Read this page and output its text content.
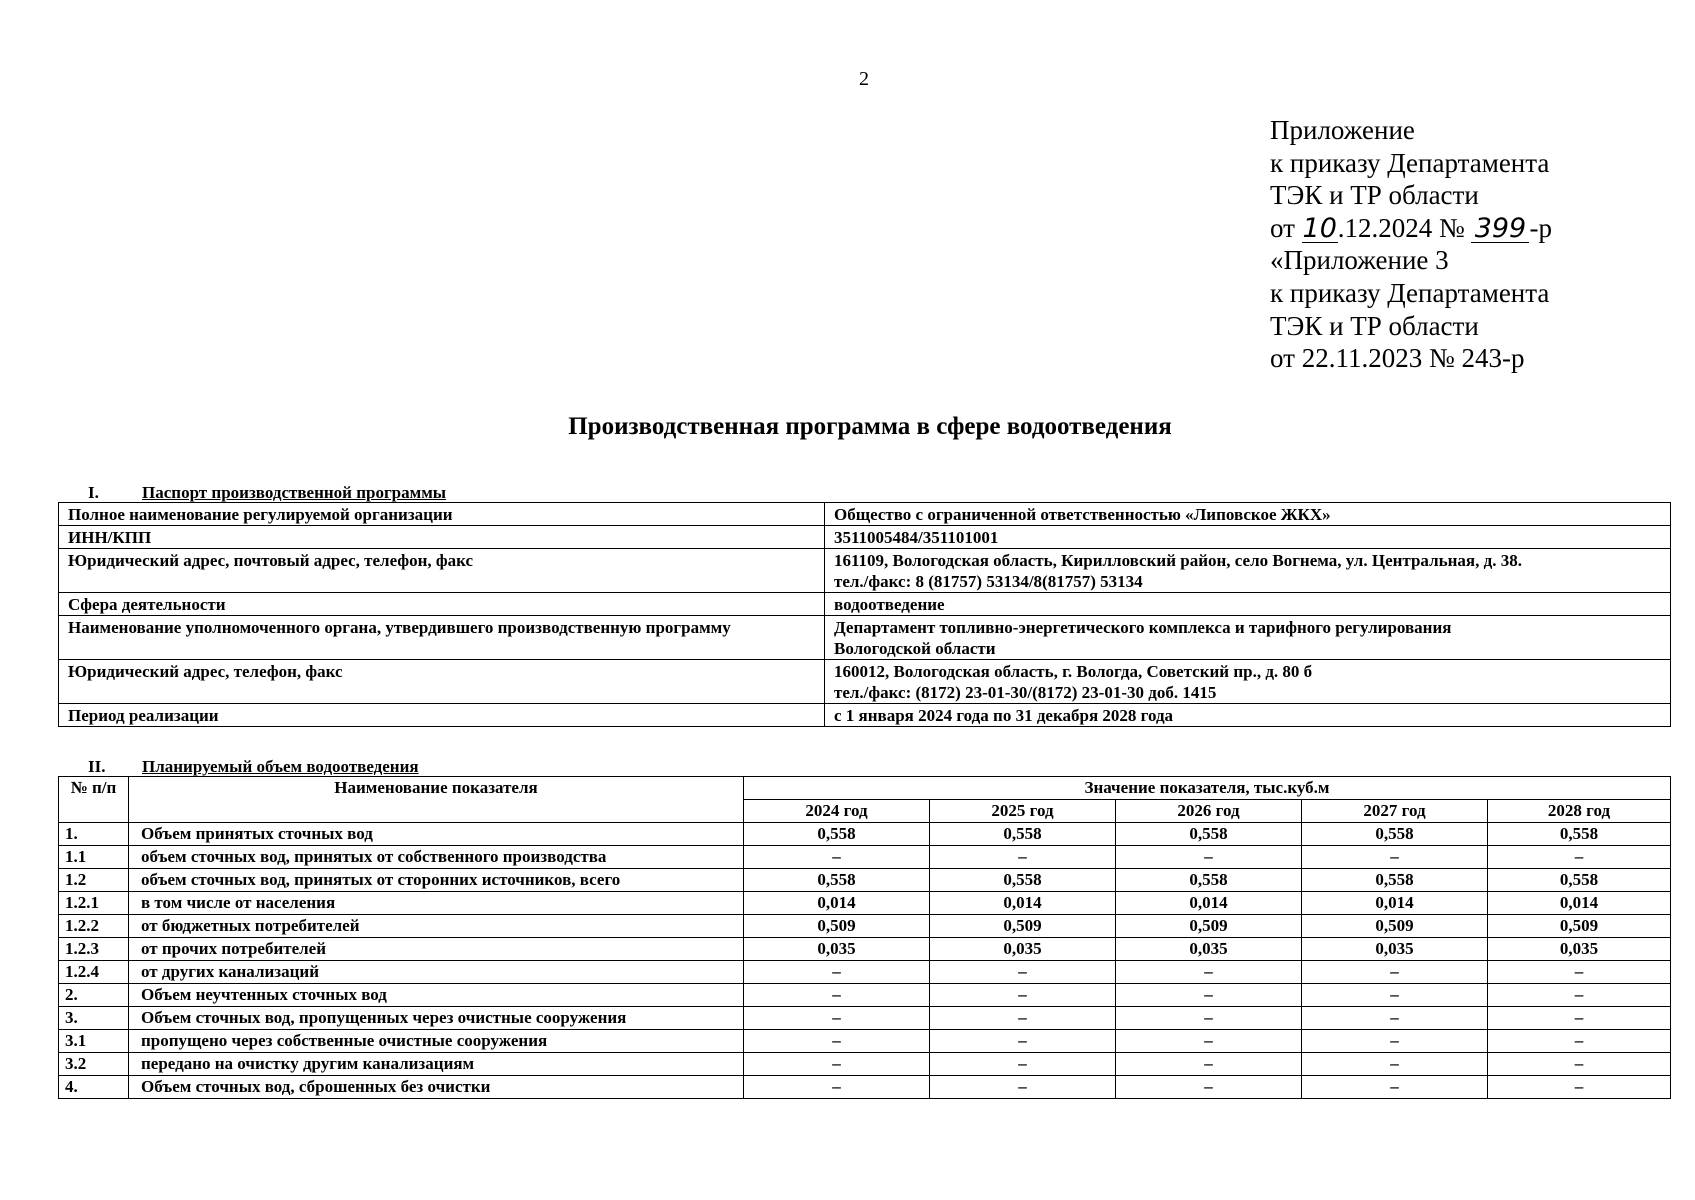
2
Приложение
к приказу Департамента
ТЭК и ТР области
от 10.12.2024 № 399 -р
«Приложение 3
к приказу Департамента
ТЭК и ТР области
от 22.11.2023 № 243-р
Производственная программа в сфере водоотведения
I.	Паспорт производственной программы
Полное наименование регулируемой организации	Общество с ограниченной ответственностью «Липовское ЖКХ»

ИНН/КПП	3511005484/351101001

Юридический адрес, почтовый адрес, телефон, факс	161109, Вологодская область, Кирилловский район, село Вогнема, ул. Центральная, д. 38.
тел./факс: 8 (81757) 53134/8(81757) 53134

Сфера деятельности	водоотведение

Наименование уполномоченного органа, утвердившего производственную программу	Департамент топливно-энергетического комплекса и тарифного регулирования
Вологодской области

Юридический адрес, телефон, факс	160012, Вологодская область, г. Вологда, Советский пр., д. 80 б
тел./факс: (8172) 23-01-30/(8172) 23-01-30 доб. 1415

Период реализации	с 1 января 2024 года по 31 декабря 2028 года
II. Планируемый объем водоотведения
№ п/п	Наименование показателя	Значение показателя, тыс.куб.м				
		2024 год	2025 год	2026 год	2027 год	2028 год
1.	Объем принятых сточных вод	0,558	0,558	0,558	0,558	0,558
1.1	объем сточных вод, принятых от собственного производства	–	–	–	–	–
1.2	объем сточных вод, принятых от сторонних источников, всего	0,558	0,558	0,558	0,558	0,558
1.2.1	в том числе от населения	0,014	0,014	0,014	0,014	0,014
1.2.2	от бюджетных потребителей	0,509	0,509	0,509	0,509	0,509
1.2.3	от прочих потребителей	0,035	0,035	0,035	0,035	0,035
1.2.4	от других канализаций	–	–	–	–	–
2.	Объем неучтенных сточных вод	–	–	–	–	–
3.	Объем сточных вод, пропущенных через очистные сооружения	–	–	–	–	–
3.1	пропущено через собственные очистные сооружения	–	–	–	–	–
3.2	передано на очистку другим канализациям	–	–	–	–	–
4.	Объем сточных вод, сброшенных без очистки	–	–	–	–	–
